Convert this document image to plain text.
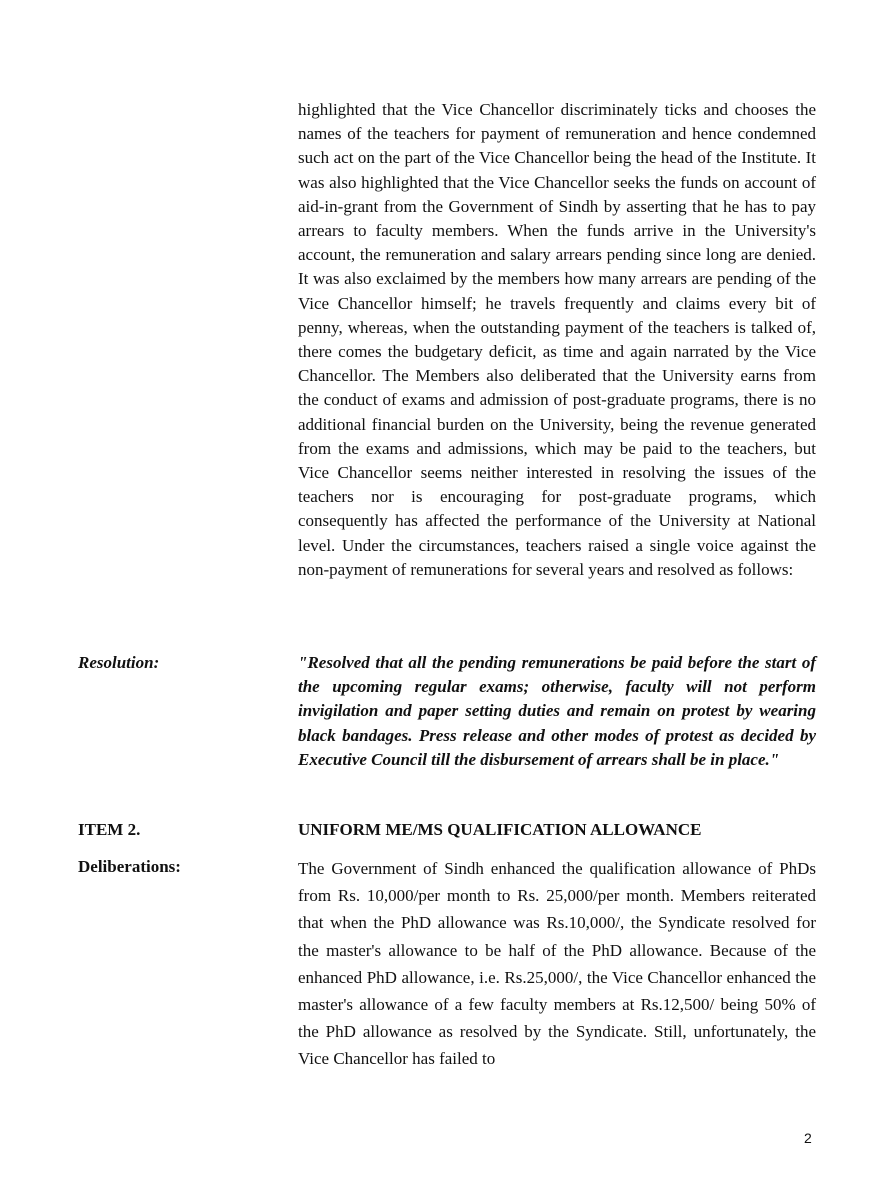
highlighted that the Vice Chancellor discriminately ticks and chooses the names of the teachers for payment of remuneration and hence condemned such act on the part of the Vice Chancellor being the head of the Institute. It was also highlighted that the Vice Chancellor seeks the funds on account of aid-in-grant from the Government of Sindh by asserting that he has to pay arrears to faculty members. When the funds arrive in the University's account, the remuneration and salary arrears pending since long are denied. It was also exclaimed by the members how many arrears are pending of the Vice Chancellor himself; he travels frequently and claims every bit of penny, whereas, when the outstanding payment of the teachers is talked of, there comes the budgetary deficit, as time and again narrated by the Vice Chancellor. The Members also deliberated that the University earns from the conduct of exams and admission of post-graduate programs, there is no additional financial burden on the University, being the revenue generated from the exams and admissions, which may be paid to the teachers, but Vice Chancellor seems neither interested in resolving the issues of the teachers nor is encouraging for post-graduate programs, which consequently has affected the performance of the University at National level. Under the circumstances, teachers raised a single voice against the non-payment of remunerations for several years and resolved as follows:
Resolution:	"Resolved that all the pending remunerations be paid before the start of the upcoming regular exams; otherwise, faculty will not perform invigilation and paper setting duties and remain on protest by wearing black bandages. Press release and other modes of protest as decided by Executive Council till the disbursement of arrears shall be in place."
ITEM 2.	UNIFORM ME/MS QUALIFICATION ALLOWANCE
Deliberations:	The Government of Sindh enhanced the qualification allowance of PhDs from Rs. 10,000/per month to Rs. 25,000/per month. Members reiterated that when the PhD allowance was Rs.10,000/, the Syndicate resolved for the master's allowance to be half of the PhD allowance. Because of the enhanced PhD allowance, i.e. Rs.25,000/, the Vice Chancellor enhanced the master's allowance of a few faculty members at Rs.12,500/ being 50% of the PhD allowance as resolved by the Syndicate. Still, unfortunately, the Vice Chancellor has failed to
2
